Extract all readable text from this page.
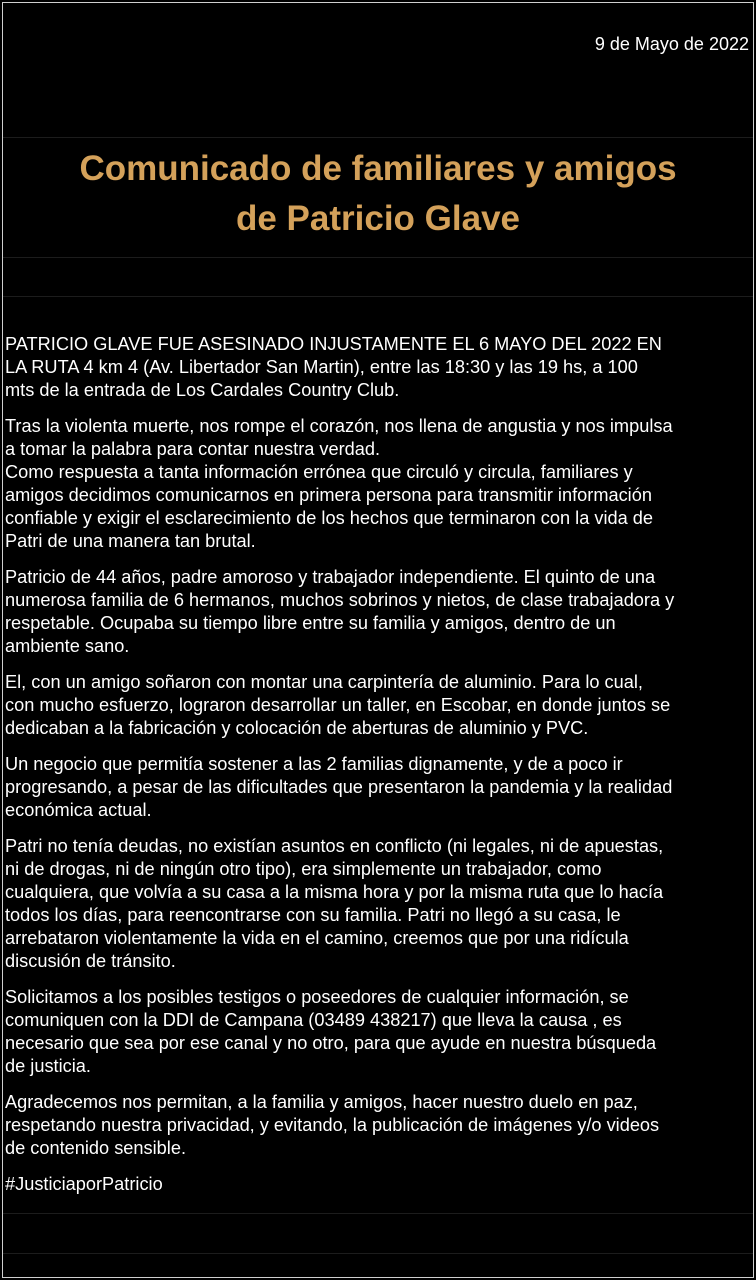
9 de Mayo de 2022
Comunicado de familiares y amigos
de Patricio Glave

PATRICIO GLAVE FUE ASESINADO INJUSTAMENTE EL 6 MAYO DEL 2022 EN
LA RUTA 4 km 4 (Av. Libertador San Martin), entre las 18:30 y las 19 hs, a 100
mts de la entrada de Los Cardales Country Club.

Tras la violenta muerte, nos rompe el corazón, nos llena de angustia y nos impulsa
a tomar la palabra para contar nuestra verdad.
Como respuesta a tanta información errónea que circuló y circula, familiares y
amigos decidimos comunicarnos en primera persona para transmitir información
confiable y exigir el esclarecimiento de los hechos que terminaron con la vida de
Patri de una manera tan brutal.

Patricio de 44 años, padre amoroso y trabajador independiente. El quinto de una
numerosa familia de 6 hermanos, muchos sobrinos y nietos, de clase trabajadora y
respetable. Ocupaba su tiempo libre entre su familia y amigos, dentro de un
ambiente sano.

El, con un amigo soñaron con montar una carpintería de aluminio. Para lo cual,
con mucho esfuerzo, lograron desarrollar un taller, en Escobar, en donde juntos se
dedicaban a la fabricación y colocación de aberturas de aluminio y PVC.

Un negocio que permitía sostener a las 2 familias dignamente, y de a poco ir
progresando, a pesar de las dificultades que presentaron la pandemia y la realidad
económica actual.

Patri no tenía deudas, no existían asuntos en conflicto (ni legales, ni de apuestas,
ni de drogas, ni de ningún otro tipo), era simplemente un trabajador, como
cualquiera, que volvía a su casa a la misma hora y por la misma ruta que lo hacía
todos los días, para reencontrarse con su familia. Patri no llegó a su casa, le
arrebataron violentamente la vida en el camino, creemos que por una ridícula
discusión de tránsito.

Solicitamos a los posibles testigos o poseedores de cualquier información, se
comuniquen con la DDI de Campana (03489 438217) que lleva la causa , es
necesario que sea por ese canal y no otro, para que ayude en nuestra búsqueda
de justicia.

Agradecemos nos permitan, a la familia y amigos, hacer nuestro duelo en paz,
respetando nuestra privacidad, y evitando, la publicación de imágenes y/o videos
de contenido sensible.

#JusticiaporPatricio
